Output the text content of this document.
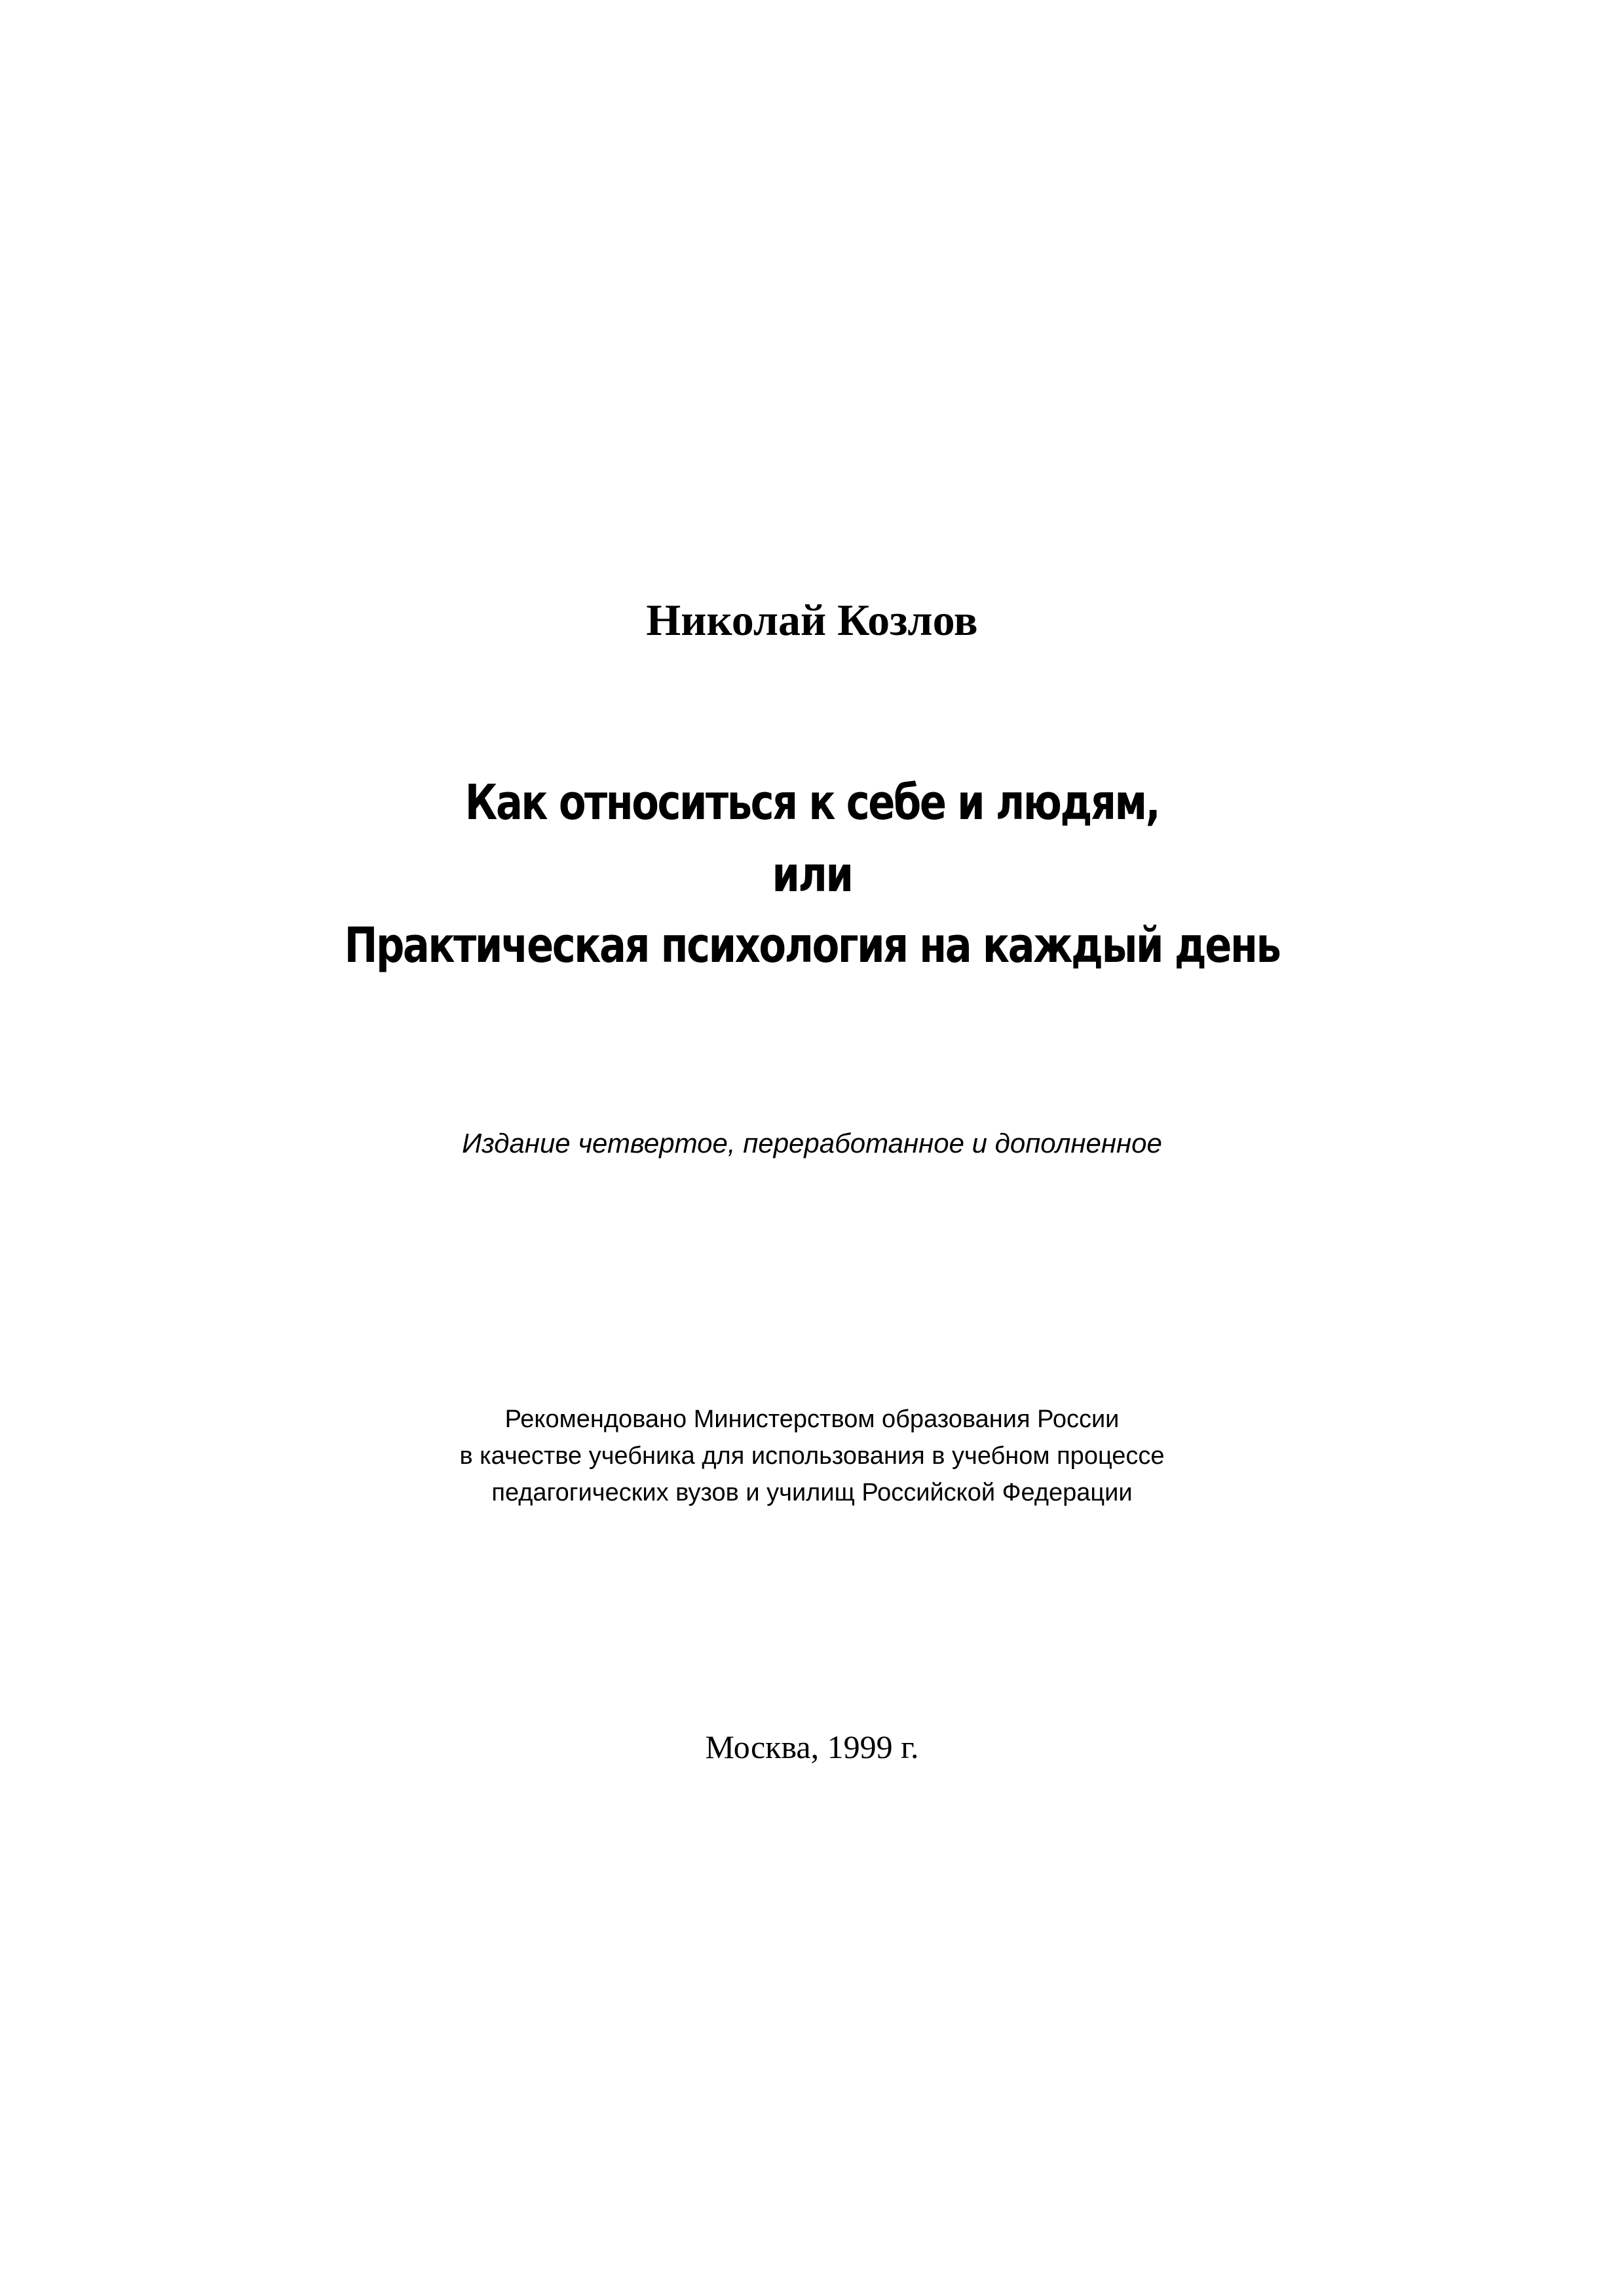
Николай Козлов

Как относиться к себе и людям,

или

Практическая психология на каждый день

Издание четвертое, переработанное и дополненное

Рекомендовано Министерством образования России

в качестве учебника для использования в учебном процессе

педагогических вузов и училищ Российской Федерации

Москва, 1999 г.
